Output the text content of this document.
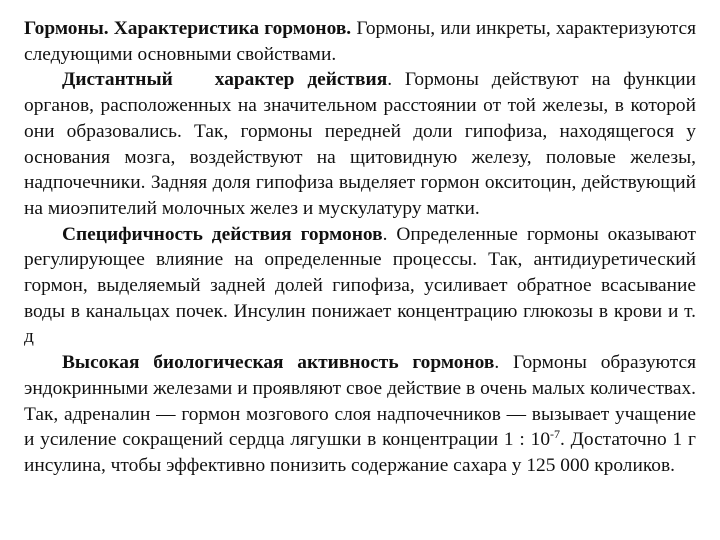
Гормоны. Характеристика гормонов. Гормоны, или инкреты, характеризуются следующими основными свойствами.

Дистантный характер действия. Гормоны действуют на функции органов, расположенных на значительном расстоянии от той железы, в которой они образовались. Так, гормоны передней доли гипофиза, находящегося у основания мозга, воздействуют на щитовидную железу, половые железы, надпочечники. Задняя доля гипофиза выделяет гормон окситоцин, действующий на миоэпителий молочных желез и мускулатуру матки.

Специфичность действия гормонов. Определенные гормоны оказывают регулирующее влияние на определенные процессы. Так, антидиуретический гормон, выделяемый задней долей гипофиза, усиливает обратное всасывание воды в канальцах почек. Инсулин понижает концентрацию глюкозы в крови и т. д

Высокая биологическая активность гормонов. Гормоны образуются эндокринными железами и проявляют свое действие в очень малых количествах. Так, адреналин — гормон мозгового слоя надпочечников — вызывает учащение и усиление сокращений сердца лягушки в концентрации 1 : $10^{-7}$. Достаточно 1 г инсулина, чтобы эффективно понизить содержание сахара у 125 000 кроликов.
